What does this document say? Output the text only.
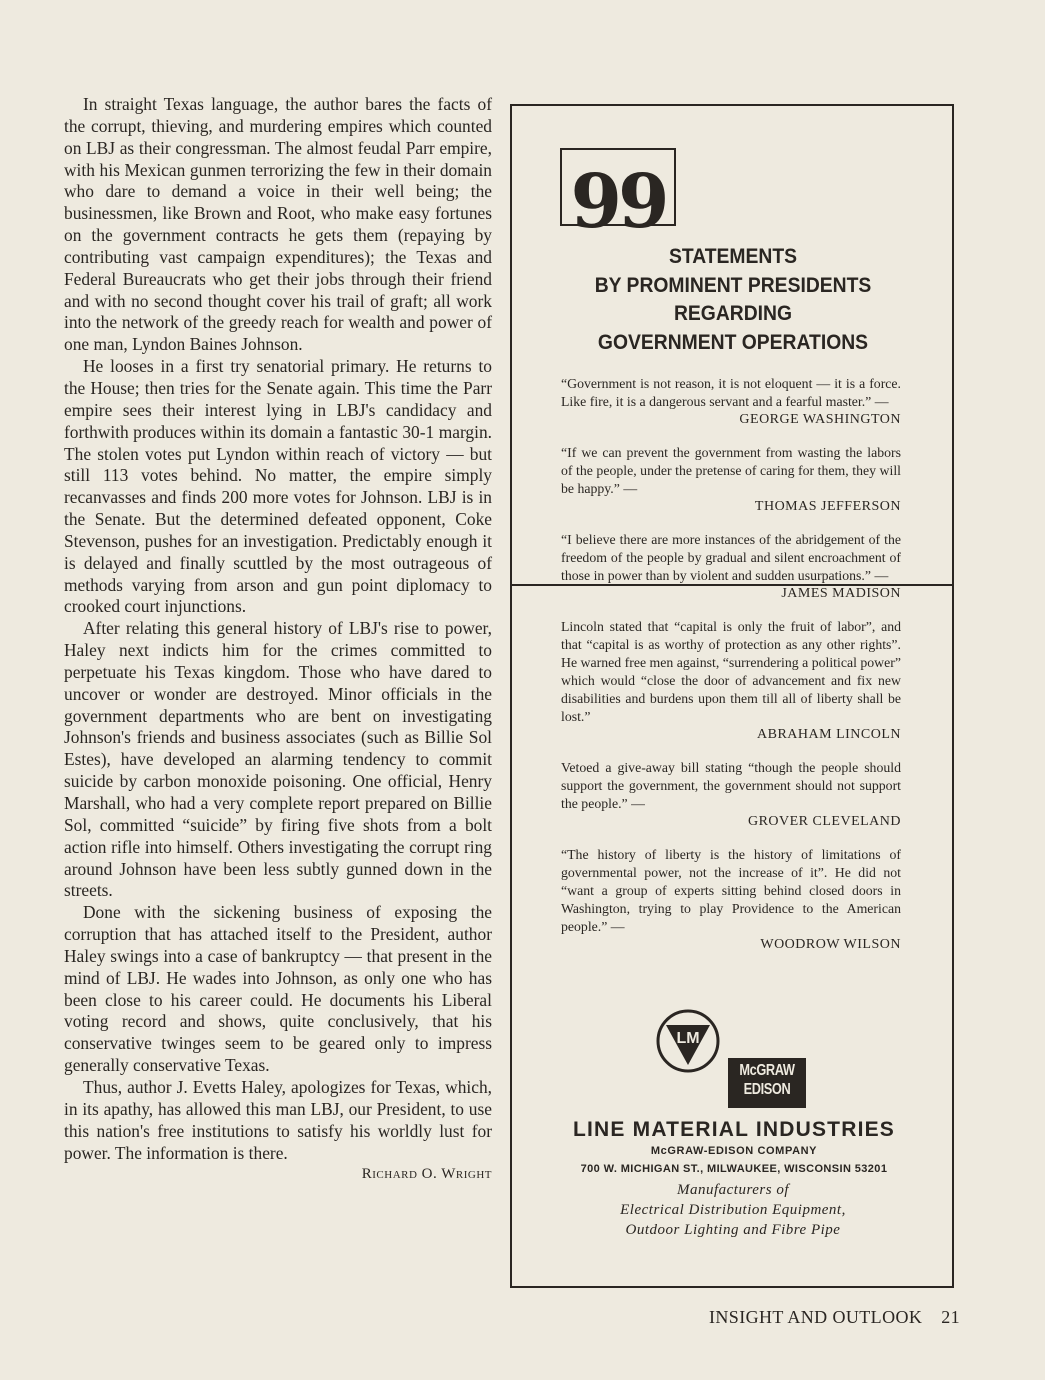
In straight Texas language, the author bares the facts of the corrupt, thieving, and murdering empires which counted on LBJ as their congressman. The almost feudal Parr empire, with his Mexican gunmen terrorizing the few in their domain who dare to demand a voice in their well being; the businessmen, like Brown and Root, who make easy fortunes on the government contracts he gets them (repaying by contributing vast campaign expenditures); the Texas and Federal Bureaucrats who get their jobs through their friend and with no second thought cover his trail of graft; all work into the network of the greedy reach for wealth and power of one man, Lyndon Baines Johnson.

He looses in a first try senatorial primary. He returns to the House; then tries for the Senate again. This time the Parr empire sees their interest lying in LBJ's candidacy and forthwith produces within its domain a fantastic 30-1 margin. The stolen votes put Lyndon within reach of victory — but still 113 votes behind. No matter, the empire simply recanvasses and finds 200 more votes for Johnson. LBJ is in the Senate. But the determined defeated opponent, Coke Stevenson, pushes for an investigation. Predictably enough it is delayed and finally scuttled by the most outrageous of methods varying from arson and gun point diplomacy to crooked court injunctions.

After relating this general history of LBJ's rise to power, Haley next indicts him for the crimes committed to perpetuate his Texas kingdom. Those who have dared to uncover or wonder are destroyed. Minor officials in the government departments who are bent on investigating Johnson's friends and business associates (such as Billie Sol Estes), have developed an alarming tendency to commit suicide by carbon monoxide poisoning. One official, Henry Marshall, who had a very complete report prepared on Billie Sol, committed “suicide” by firing five shots from a bolt action rifle into himself. Others investigating the corrupt ring around Johnson have been less subtly gunned down in the streets.

Done with the sickening business of exposing the corruption that has attached itself to the President, author Haley swings into a case of bankruptcy — that present in the mind of LBJ. He wades into Johnson, as only one who has been close to his career could. He documents his Liberal voting record and shows, quite conclusively, that his conservative twinges seem to be geared only to impress generally conservative Texas.

Thus, author J. Evetts Haley, apologizes for Texas, which, in its apathy, has allowed this man LBJ, our President, to use this nation's free institutions to satisfy his worldly lust for power. The information is there.

Richard O. Wright
99
STATEMENTS
BY PROMINENT PRESIDENTS
REGARDING
GOVERNMENT OPERATIONS

“Government is not reason, it is not eloquent — it is a force. Like fire, it is a dangerous servant and a fearful master.” —

GEORGE WASHINGTON

“If we can prevent the government from wasting the labors of the people, under the pretense of caring for them, they will be happy.” —

THOMAS JEFFERSON

“I believe there are more instances of the abridgement of the freedom of the people by gradual and silent encroachment of those in power than by violent and sudden usurpations.” —

JAMES MADISON

Lincoln stated that “capital is only the fruit of labor”, and that “capital is as worthy of protection as any other rights”. He warned free men against, “surrendering a political power” which would “close the door of advancement and fix new disabilities and burdens upon them till all of liberty shall be lost.”

ABRAHAM LINCOLN

Vetoed a give-away bill stating “though the people should support the government, the government should not support the people.” —

GROVER CLEVELAND

“The history of liberty is the history of limitations of governmental power, not the increase of it”. He did not “want a group of experts sitting behind closed doors in Washington, trying to play Providence to the American people.” —

WOODROW WILSON

LM
McGRAW
EDISON
LINE MATERIAL INDUSTRIES
McGRAW-EDISON COMPANY
700 W. MICHIGAN ST., MILWAUKEE, WISCONSIN 53201
Manufacturers of
Electrical Distribution Equipment,
Outdoor Lighting and Fibre Pipe
INSIGHT AND OUTLOOK 21
